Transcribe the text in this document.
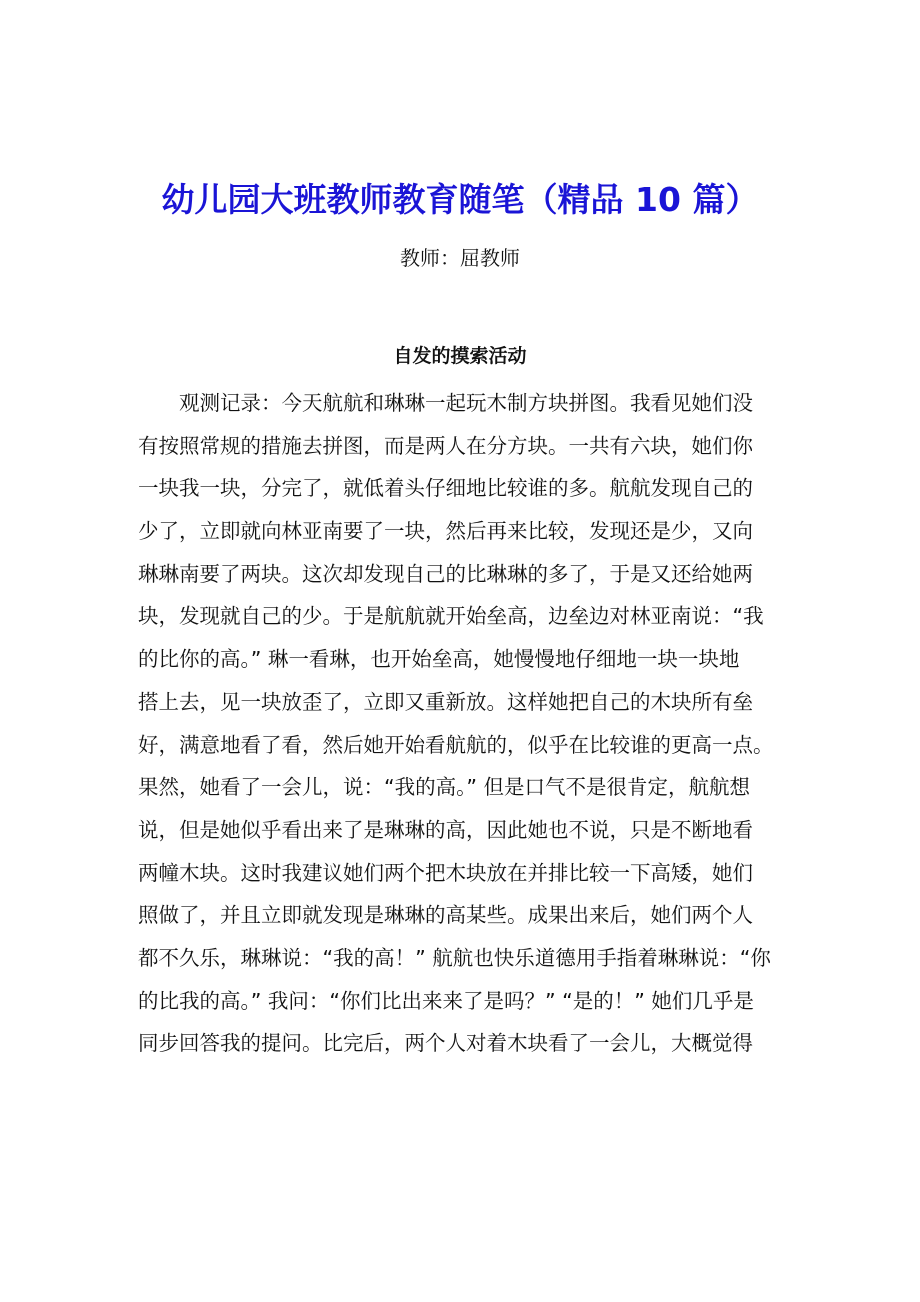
幼儿园大班教师教育随笔（精品 10 篇）

教师：屈教师

自发的摸索活动
观测记录：今天航航和琳琳一起玩木制方块拼图。我看见她们没
有按照常规的措施去拼图，而是两人在分方块。一共有六块，她们你
一块我一块，分完了，就低着头仔细地比较谁的多。航航发现自己的
少了，立即就向林亚南要了一块，然后再来比较，发现还是少，又向
琳琳南要了两块。这次却发现自己的比琳琳的多了，于是又还给她两
块，发现就自己的少。于是航航就开始垒高，边垒边对林亚南说：“我
的比你的高。” 琳一看琳，也开始垒高，她慢慢地仔细地一块一块地
搭上去，见一块放歪了，立即又重新放。这样她把自己的木块所有垒
好，满意地看了看，然后她开始看航航的，似乎在比较谁的更高一点。
果然，她看了一会儿，说：“我的高。” 但是口气不是很肯定，航航想
说，但是她似乎看出来了是琳琳的高，因此她也不说，只是不断地看
两幢木块。这时我建议她们两个把木块放在并排比较一下高矮，她们
照做了，并且立即就发现是琳琳的高某些。成果出来后，她们两个人
都不久乐，琳琳说：“我的高！” 航航也快乐道德用手指着琳琳说：“你
的比我的高。” 我问：“你们比出来来了是吗？” “是的！” 她们几乎是
同步回答我的提问。比完后，两个人对着木块看了一会儿，大概觉得
